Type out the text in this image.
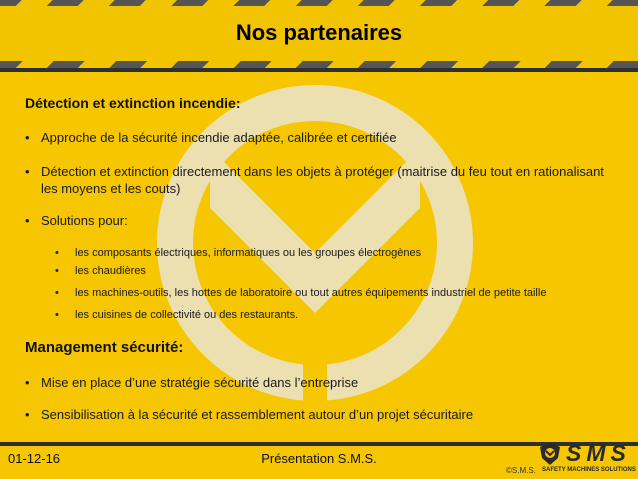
Nos partenaires
Détection et extinction incendie:
• Approche de la sécurité incendie adaptée, calibrée et certifiée
• Détection et extinction directement dans les objets à protéger (maitrise du feu tout en rationalisant les moyens et les couts)
• Solutions pour:
• les composants électriques, informatiques ou les groupes électrogènes
• les chaudières
• les machines-outils, les hottes de laboratoire ou tout autres équipements industriel de petite taille
• les cuisines de collectivité ou des restaurants.
Management sécurité:
• Mise en place d’une stratégie sécurité dans l’entreprise
• Sensibilisation à la sécurité et rassemblement autour d’un projet sécuritaire
01-12-16	Présentation S.M.S.
©S.M.S.
SMS
SAFETY MACHINES SOLUTIONS
